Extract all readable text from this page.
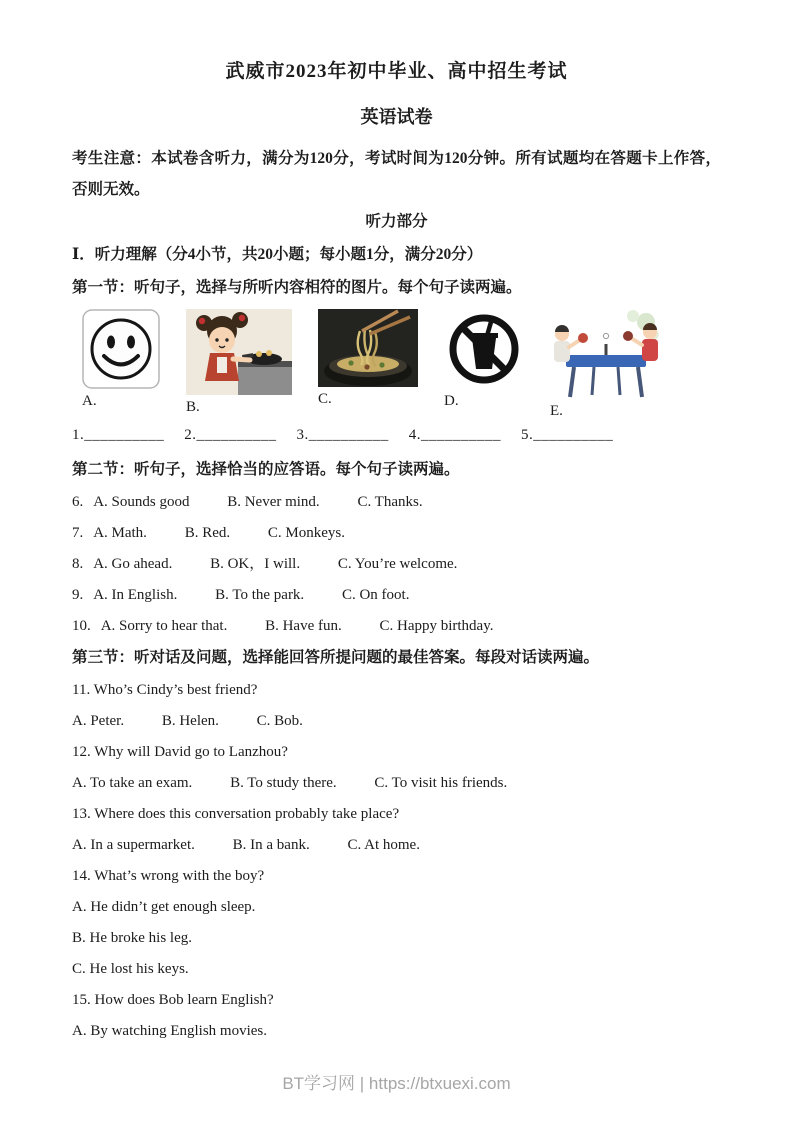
武威市2023年初中毕业、高中招生考试
英语试卷

考生注意：本试卷含听力，满分为120分，考试时间为120分钟。所有试题均在答题卡上作答，否则无效。

听力部分
Ⅰ．听力理解（分4小节，共20小题；每小题1分，满分20分）
第一节：听句子，选择与所听内容相符的图片。每个句子读两遍。
A.	B.	C.	D.
E.
1.__________ 2.__________ 3.__________ 4.__________ 5.__________
第二节：听句子，选择恰当的应答语。每个句子读两遍。

6. A. Sounds good	B. Never mind.	C. Thanks.

7. A. Math.	B. Red.	C. Monkeys.

8. A. Go ahead.	B. OK，I will.	C. You’re welcome.

9. A. In English.	B. To the park.	C. On foot.

10. A. Sorry to hear that.	B. Have fun.	C. Happy birthday.

第三节：听对话及问题，选择能回答所提问题的最佳答案。每段对话读两遍。

11. Who’s Cindy’s best friend?

A. Peter.	B. Helen.	C. Bob.

12. Why will David go to Lanzhou?

A. To take an exam.	B. To study there.	C. To visit his friends.

13. Where does this conversation probably take place?

A. In a supermarket.	B. In a bank.	C. At home.

14. What’s wrong with the boy?

A. He didn’t get enough sleep.

B. He broke his leg.

C. He lost his keys.

15. How does Bob learn English?

A. By watching English movies.

BT学习网 | https://btxuexi.com
